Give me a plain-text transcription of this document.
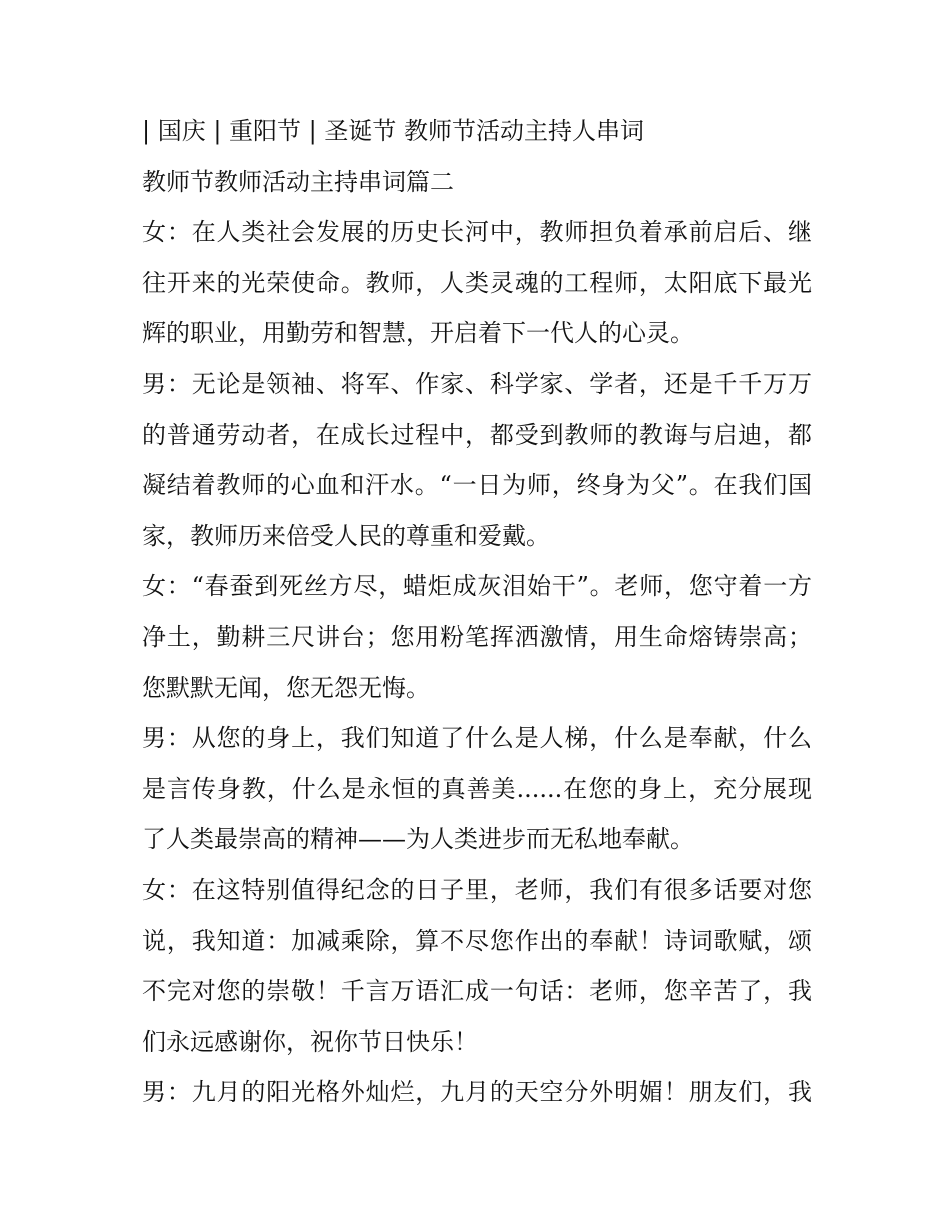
| 国庆 | 重阳节 | 圣诞节 教师节活动主持人串词
教师节教师活动主持串词篇二
女：在人类社会发展的历史长河中，教师担负着承前启后、继
往开来的光荣使命。教师，人类灵魂的工程师，太阳底下最光
辉的职业，用勤劳和智慧，开启着下一代人的心灵。
男：无论是领袖、将军、作家、科学家、学者，还是千千万万
的普通劳动者，在成长过程中，都受到教师的教诲与启迪，都
凝结着教师的心血和汗水。“一日为师，终身为父”。在我们国
家，教师历来倍受人民的尊重和爱戴。
女：“春蚕到死丝方尽，蜡炬成灰泪始干”。老师，您守着一方
净土，勤耕三尺讲台；您用粉笔挥洒激情，用生命熔铸崇高；
您默默无闻，您无怨无悔。
男：从您的身上，我们知道了什么是人梯，什么是奉献，什么
是言传身教，什么是永恒的真善美......在您的身上，充分展现
了人类最崇高的精神——为人类进步而无私地奉献。
女：在这特别值得纪念的日子里，老师，我们有很多话要对您
说，我知道：加减乘除，算不尽您作出的奉献！诗词歌赋，颂
不完对您的崇敬！千言万语汇成一句话：老师，您辛苦了，我
们永远感谢你，祝你节日快乐！
男：九月的阳光格外灿烂，九月的天空分外明媚！朋友们，我
